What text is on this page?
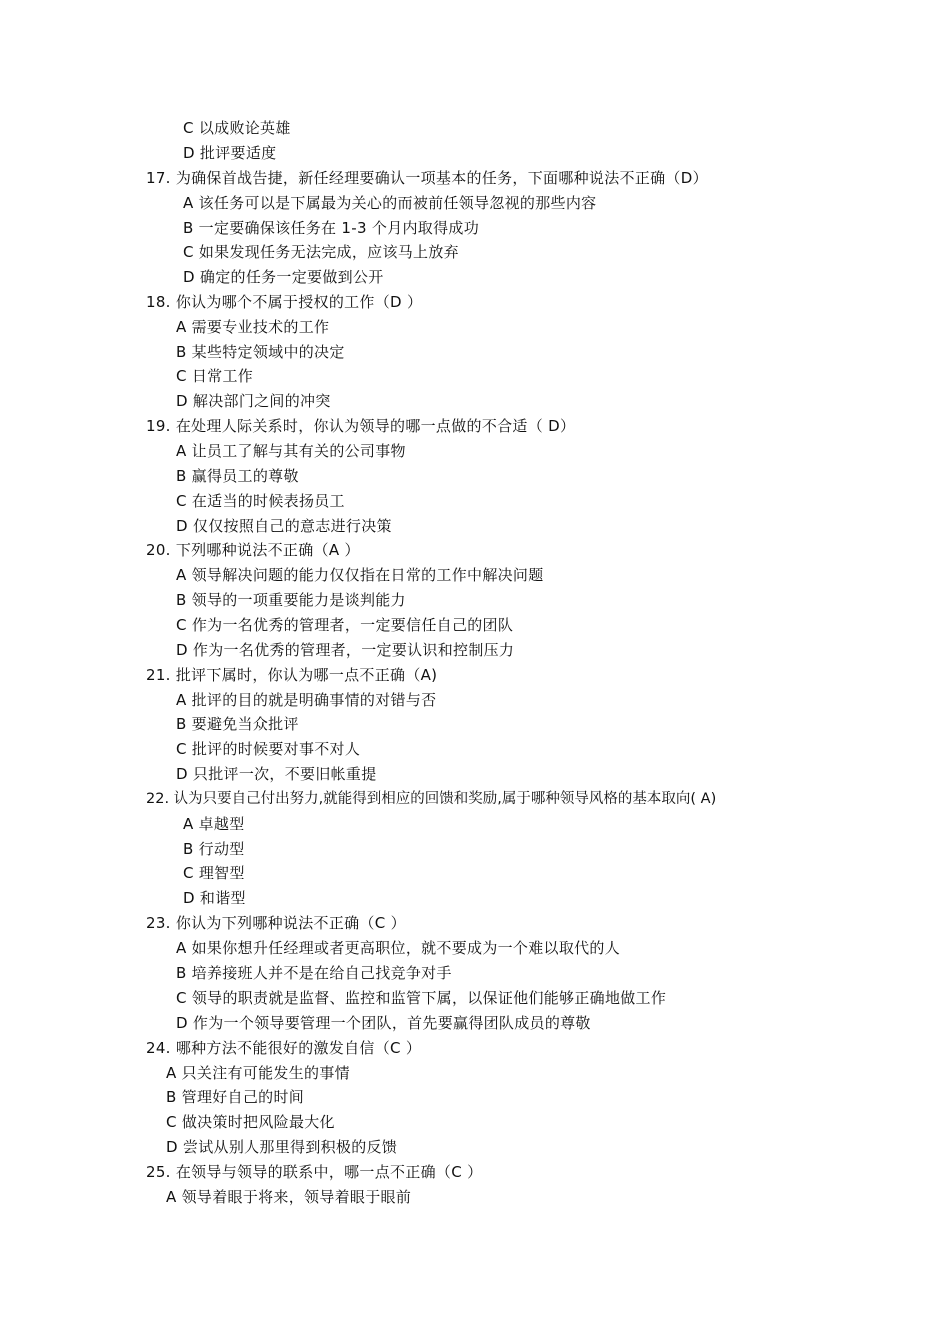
C 以成败论英雄
D 批评要适度
17. 为确保首战告捷，新任经理要确认一项基本的任务，下面哪种说法不正确（D）
A 该任务可以是下属最为关心的而被前任领导忽视的那些内容
B 一定要确保该任务在 1-3 个月内取得成功
C 如果发现任务无法完成，应该马上放弃
D 确定的任务一定要做到公开
18. 你认为哪个不属于授权的工作（D ）
A 需要专业技术的工作
B 某些特定领域中的决定
C 日常工作
D 解决部门之间的冲突
19. 在处理人际关系时，你认为领导的哪一点做的不合适（ D）
A 让员工了解与其有关的公司事物
B 赢得员工的尊敬
C 在适当的时候表扬员工
D 仅仅按照自己的意志进行决策
20. 下列哪种说法不正确（A ）
A 领导解决问题的能力仅仅指在日常的工作中解决问题
B 领导的一项重要能力是谈判能力
C 作为一名优秀的管理者，一定要信任自己的团队
D 作为一名优秀的管理者，一定要认识和控制压力
21. 批评下属时，你认为哪一点不正确（A)
A 批评的目的就是明确事情的对错与否
B 要避免当众批评
C 批评的时候要对事不对人
D 只批评一次，不要旧帐重提
22. 认为只要自己付出努力,就能得到相应的回馈和奖励,属于哪种领导风格的基本取向( A)
A 卓越型
B 行动型
C 理智型
D 和谐型
23. 你认为下列哪种说法不正确（C ）
A 如果你想升任经理或者更高职位，就不要成为一个难以取代的人
B 培养接班人并不是在给自己找竞争对手
C 领导的职责就是监督、监控和监管下属，以保证他们能够正确地做工作
D 作为一个领导要管理一个团队，首先要赢得团队成员的尊敬
24. 哪种方法不能很好的激发自信（C ）
A 只关注有可能发生的事情
B 管理好自己的时间
C 做决策时把风险最大化
D 尝试从别人那里得到积极的反馈
25. 在领导与领导的联系中，哪一点不正确（C ）
A 领导着眼于将来，领导着眼于眼前
